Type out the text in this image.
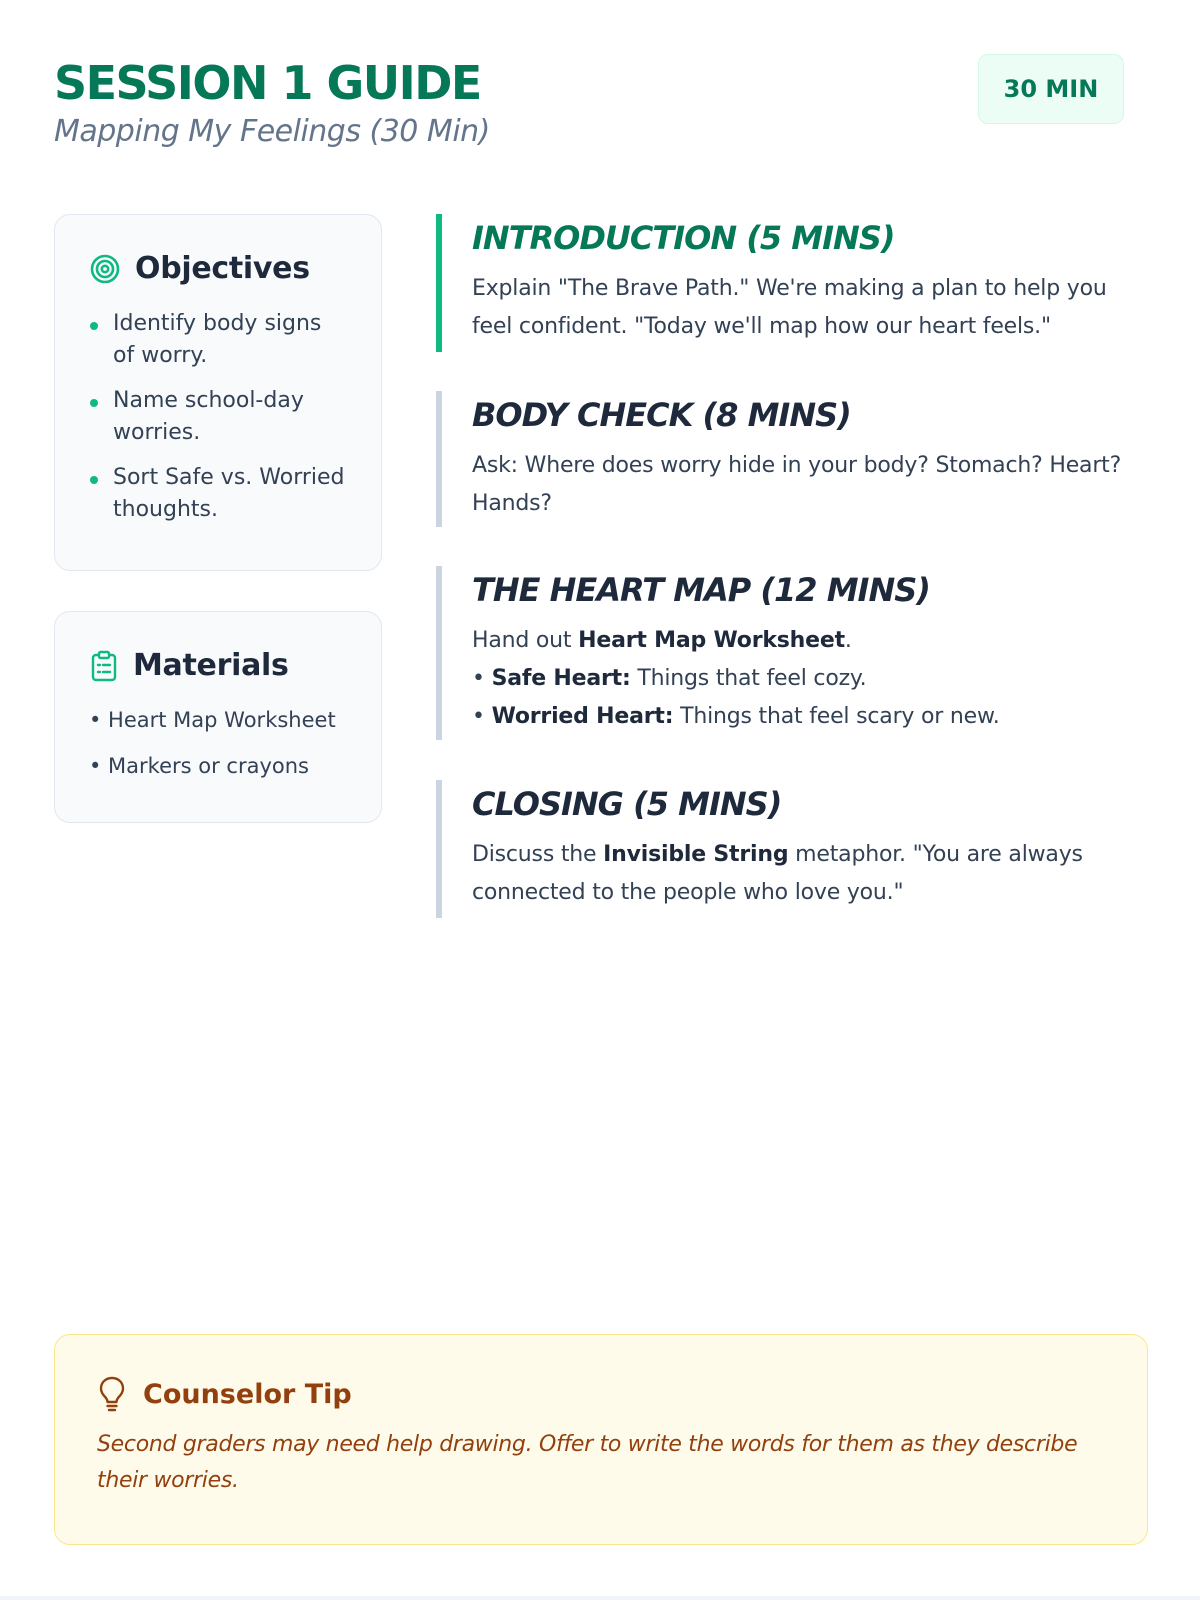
SESSION 1 GUIDE

Mapping My Feelings (30 Min)

30 MIN
Objectives
Identify body signs of worry.
Name school-day worries.
Sort Safe vs. Worried thoughts.
Materials
• Heart Map Worksheet
• Markers or crayons
INTRODUCTION (5 MINS)
Explain "The Brave Path." We're making a plan to help you feel confident. "Today we'll map how our heart feels."
BODY CHECK (8 MINS)
Ask: Where does worry hide in your body? Stomach? Heart? Hands?
THE HEART MAP (12 MINS)
Hand out Heart Map Worksheet.
• Safe Heart: Things that feel cozy.
• Worried Heart: Things that feel scary or new.
CLOSING (5 MINS)
Discuss the Invisible String metaphor. "You are always connected to the people who love you."
Counselor Tip
Second graders may need help drawing. Offer to write the words for them as they describe their worries.
